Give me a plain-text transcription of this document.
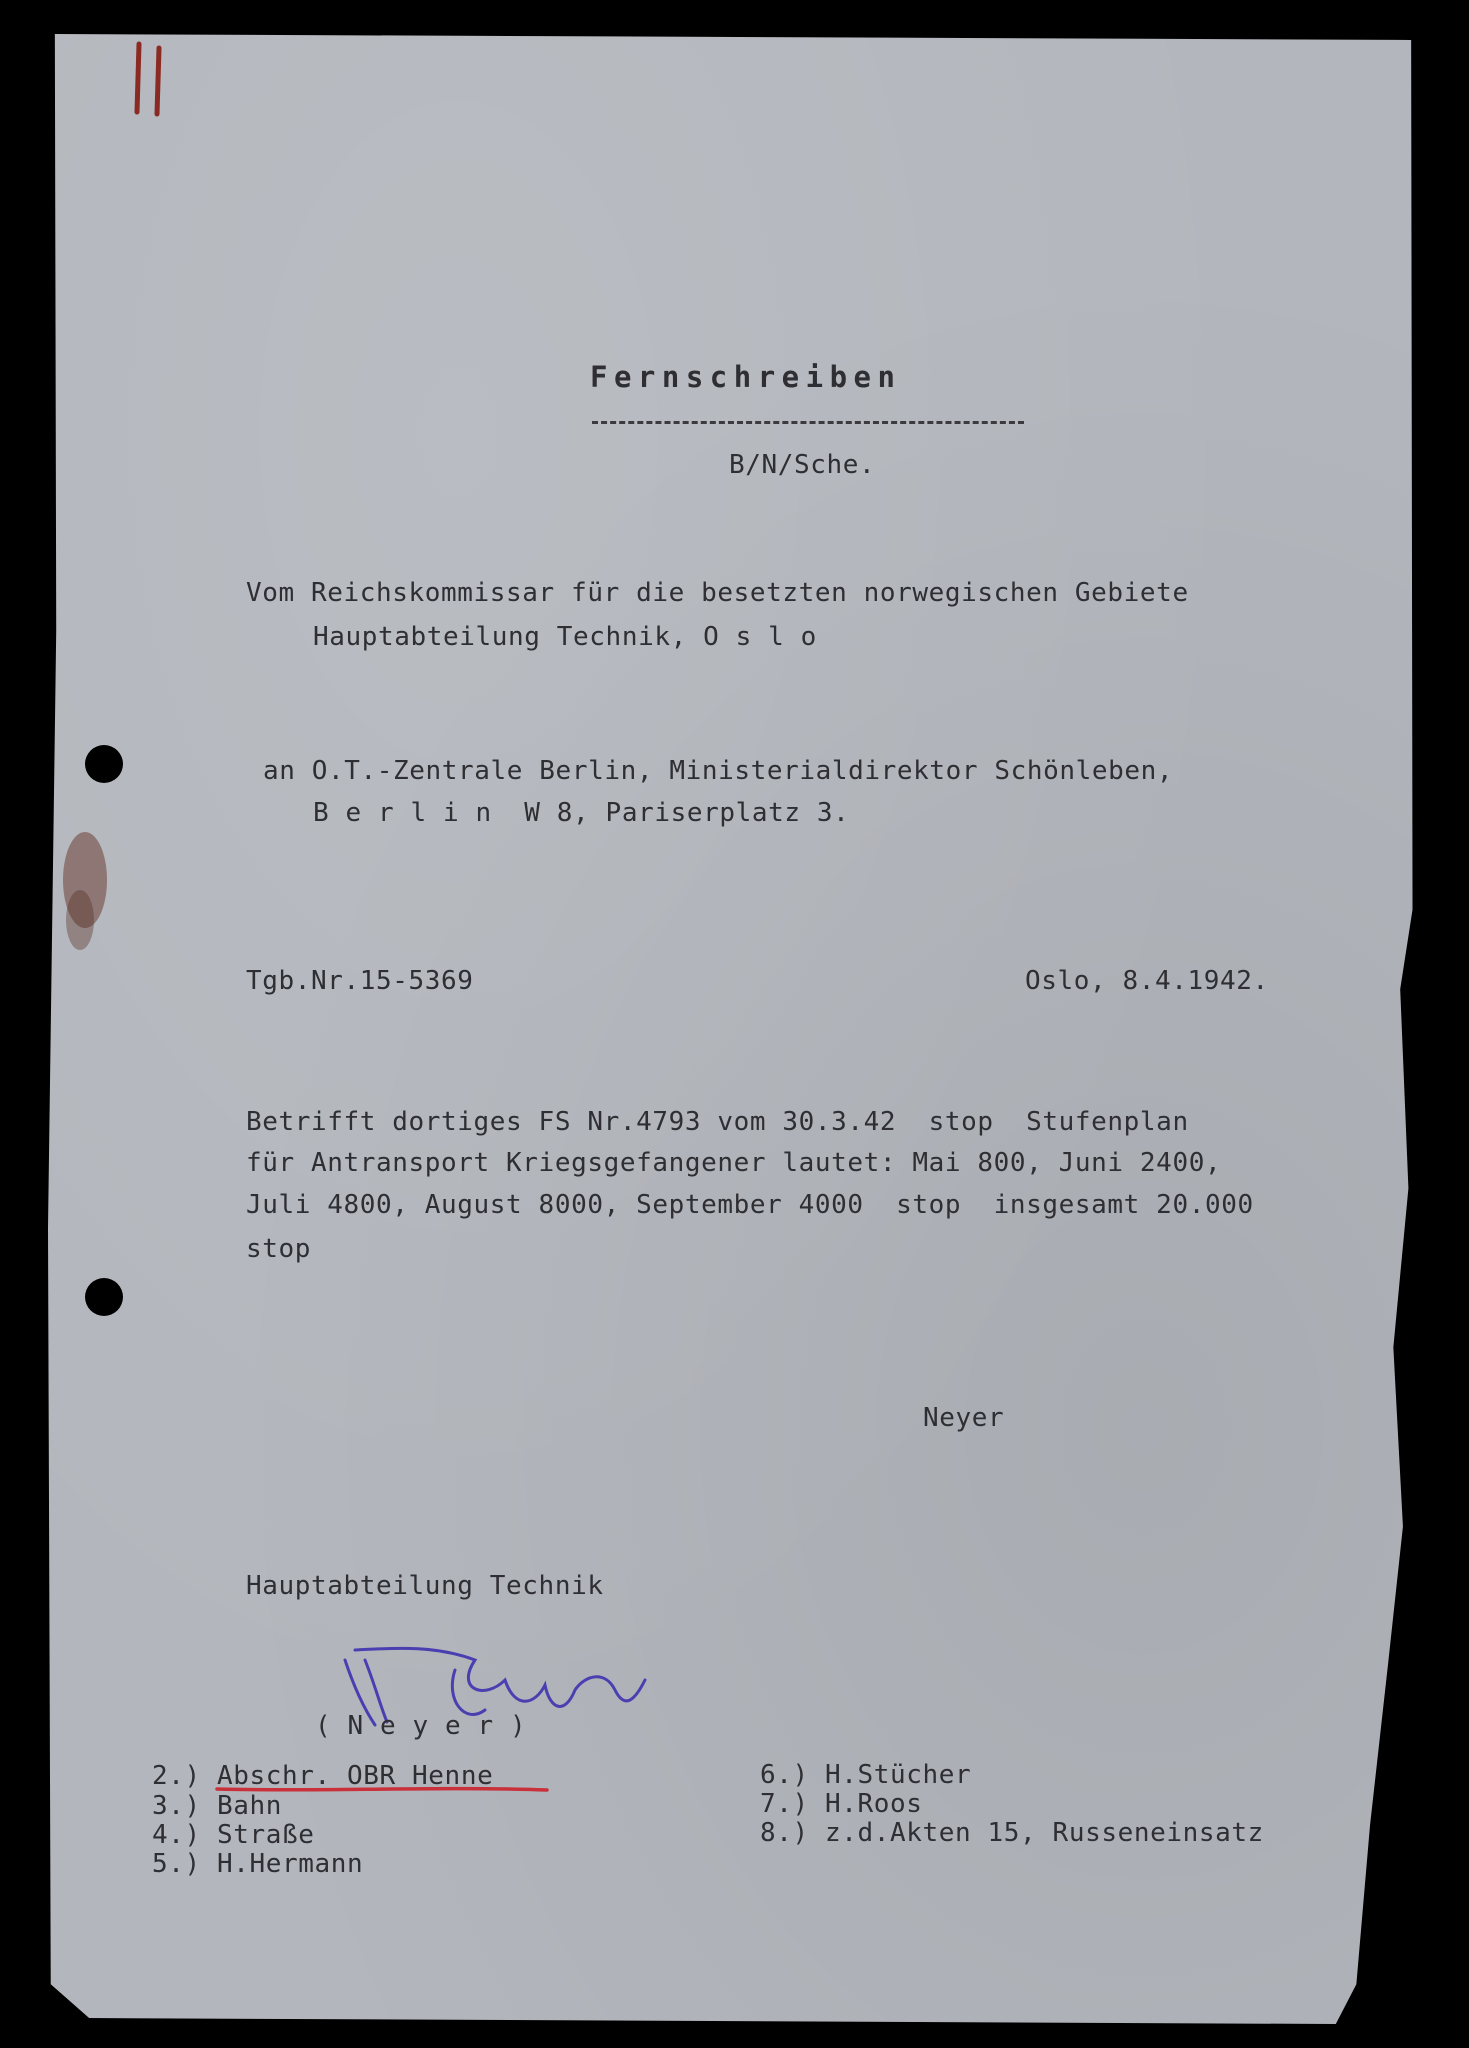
Fernschreiben
B/N/Sche.
Vom Reichskommissar für die besetzten norwegischen Gebiete
Hauptabteilung Technik, O s l o
an O.T.-Zentrale Berlin, Ministerialdirektor Schönleben,
B e r l i n  W 8, Pariserplatz 3.
Tgb.Nr.15-5369	Oslo, 8.4.1942.
Betrifft dortiges FS Nr.4793 vom 30.3.42  stop  Stufenplan
für Antransport Kriegsgefangener lautet: Mai 800, Juni 2400,
Juli 4800, August 8000, September 4000  stop  insgesamt 20.000
stop
Neyer
Hauptabteilung Technik
( N e y e r )
2.) Abschr. OBR Henne
3.) Bahn
4.) Straße
5.) H.Hermann
6.) H.Stücher
7.) H.Roos
8.) z.d.Akten 15, Russeneinsatz
